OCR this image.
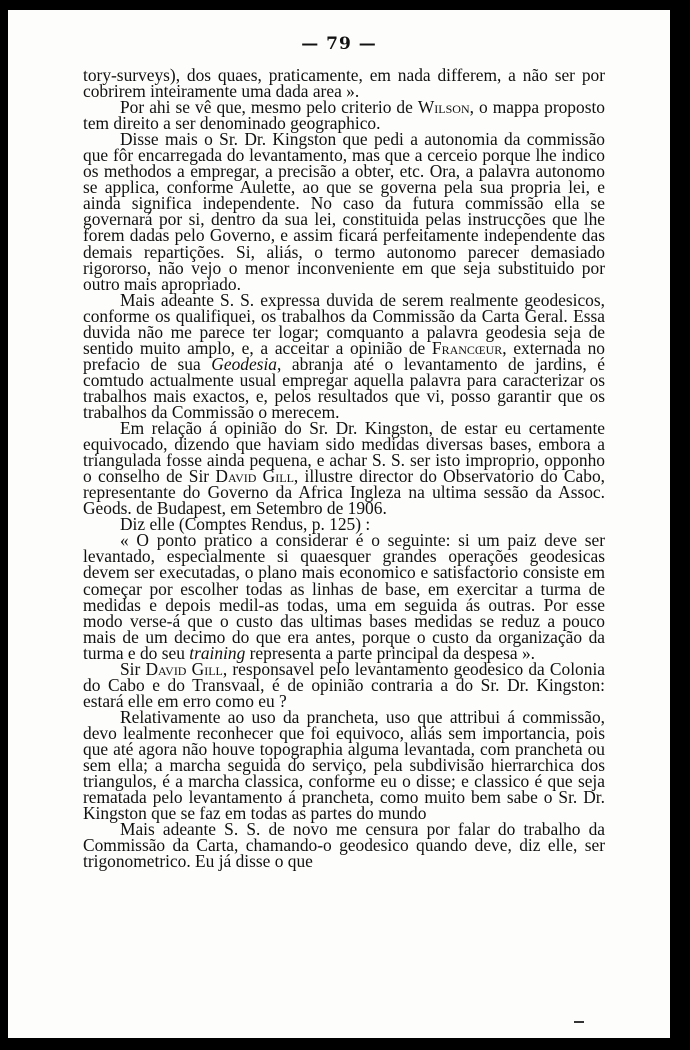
— 79 —

tory-surveys), dos quaes, praticamente, em nada differem, a não ser por cobrirem inteiramente uma dada area ».

Por ahi se vê que, mesmo pelo criterio de Wilson, o mappa proposto tem direito a ser denominado geographico.

Disse mais o Sr. Dr. Kingston que pedi a autonomia da commissão que fôr encarregada do levantamento, mas que a cerceio porque lhe indico os methodos a empregar, a precisão a obter, etc. Ora, a palavra autonomo se applica, conforme Aulette, ao que se governa pela sua propria lei, e ainda significa independente. No caso da futura commissão ella se governará por si, dentro da sua lei, constituida pelas instrucções que lhe forem dadas pelo Governo, e assim ficará perfeitamente independente das demais repartições. Si, aliás, o termo autonomo parecer demasiado rigororso, não vejo o menor inconveniente em que seja substituido por outro mais apropriado.

Mais adeante S. S. expressa duvida de serem realmente geodesicos, conforme os qualifiquei, os trabalhos da Commissão da Carta Geral. Essa duvida não me parece ter logar; comquanto a palavra geodesia seja de sentido muito amplo, e, a acceitar a opinião de Francœur, externada no prefacio de sua Geodesia, abranja até o levantamento de jardins, é comtudo actualmente usual empregar aquella palavra para caracterizar os trabalhos mais exactos, e, pelos resultados que vi, posso garantir que os trabalhos da Commissão o merecem.

Em relação á opinião do Sr. Dr. Kingston, de estar eu certamente equivocado, dizendo que haviam sido medidas diversas bases, embora a triangulada fosse ainda pequena, e achar S. S. ser isto improprio, opponho o conselho de Sir David Gill, illustre director do Observatorio do Cabo, representante do Governo da Africa Ingleza na ultima sessão da Assoc. Geods. de Budapest, em Setembro de 1906.

Diz elle (Comptes Rendus, p. 125) :

« O ponto pratico a considerar é o seguinte: si um paiz deve ser levantado, especialmente si quaesquer grandes operações geodesicas devem ser executadas, o plano mais economico e satisfactorio consiste em começar por escolher todas as linhas de base, em exercitar a turma de medidas e depois medil-as todas, uma em seguida ás outras. Por esse modo verse-á que o custo das ultimas bases medidas se reduz a pouco mais de um decimo do que era antes, porque o custo da organização da turma e do seu training representa a parte principal da despesa ».

Sir David Gill, responsavel pelo levantamento geodesico da Colonia do Cabo e do Transvaal, é de opinião contraria a do Sr. Dr. Kingston: estará elle em erro como eu ?

Relativamente ao uso da prancheta, uso que attribui á commissão, devo lealmente reconhecer que foi equivoco, aliás sem importancia, pois que até agora não houve topographia alguma levantada, com prancheta ou sem ella; a marcha seguida do serviço, pela subdivisão hierrarchica dos triangulos, é a marcha classica, conforme eu o disse; e classico é que seja rematada pelo levantamento á prancheta, como muito bem sabe o Sr. Dr. Kingston que se faz em todas as partes do mundo

Mais adeante S. S. de novo me censura por falar do trabalho da Commissão da Carta, chamando-o geodesico quando deve, diz elle, ser trigonometrico. Eu já disse o que
